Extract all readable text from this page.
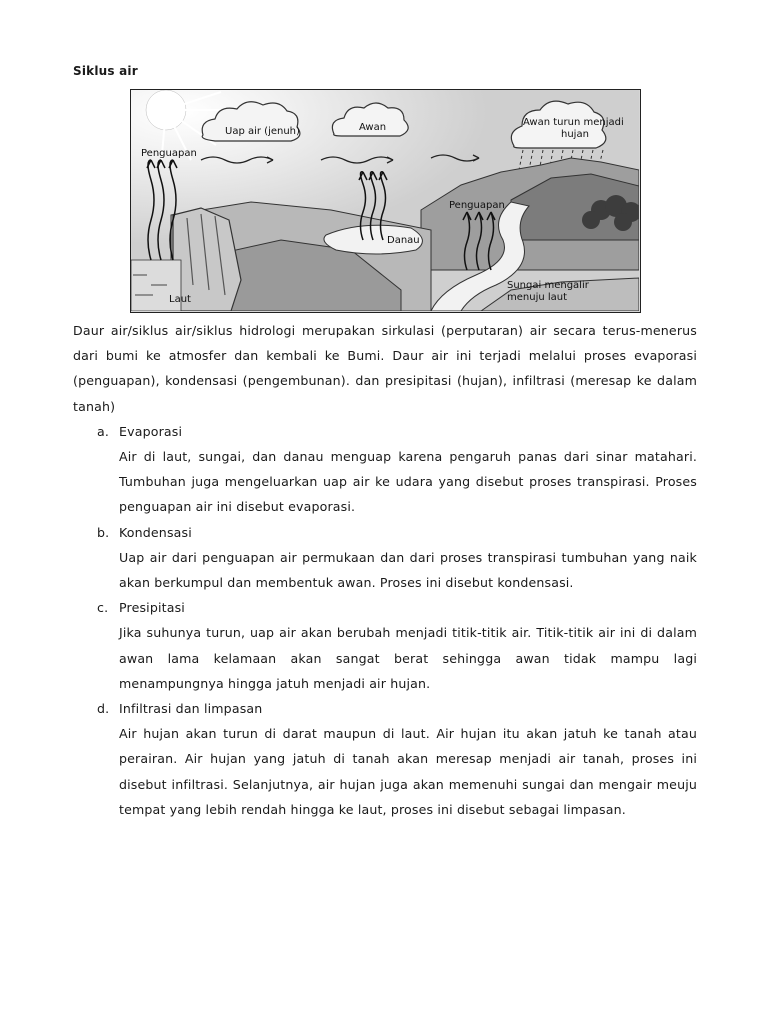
Siklus air
Penguapan
Uap air (jenuh)	Awan	Awan turun menjadi
hujan
Penguapan
Danau
Sungai mengalir
menuju laut
Laut

Daur air/siklus air/siklus hidrologi merupakan sirkulasi (perputaran) air secara terus-menerus dari bumi ke atmosfer dan kembali ke Bumi. Daur air ini terjadi melalui proses evaporasi (penguapan), kondensasi (pengembunan). dan presipitasi (hujan), infiltrasi (meresap ke dalam tanah)

a. Evaporasi

Air di laut, sungai, dan danau menguap karena pengaruh panas dari sinar matahari. Tumbuhan juga mengeluarkan uap air ke udara yang disebut proses transpirasi. Proses penguapan air ini disebut evaporasi.

b. Kondensasi

Uap air dari penguapan air permukaan dan dari proses transpirasi tumbuhan yang naik akan berkumpul dan membentuk awan. Proses ini disebut kondensasi.

c. Presipitasi

Jika suhunya turun, uap air akan berubah menjadi titik-titik air. Titik-titik air ini di dalam awan lama kelamaan akan sangat berat sehingga awan tidak mampu lagi menampungnya hingga jatuh menjadi air hujan.

d. Infiltrasi dan limpasan

Air hujan akan turun di darat maupun di laut. Air hujan itu akan jatuh ke tanah atau perairan. Air hujan yang jatuh di tanah akan meresap menjadi air tanah, proses ini disebut infiltrasi. Selanjutnya, air hujan juga akan memenuhi sungai dan mengair meuju tempat yang lebih rendah hingga ke laut, proses ini disebut sebagai limpasan.
